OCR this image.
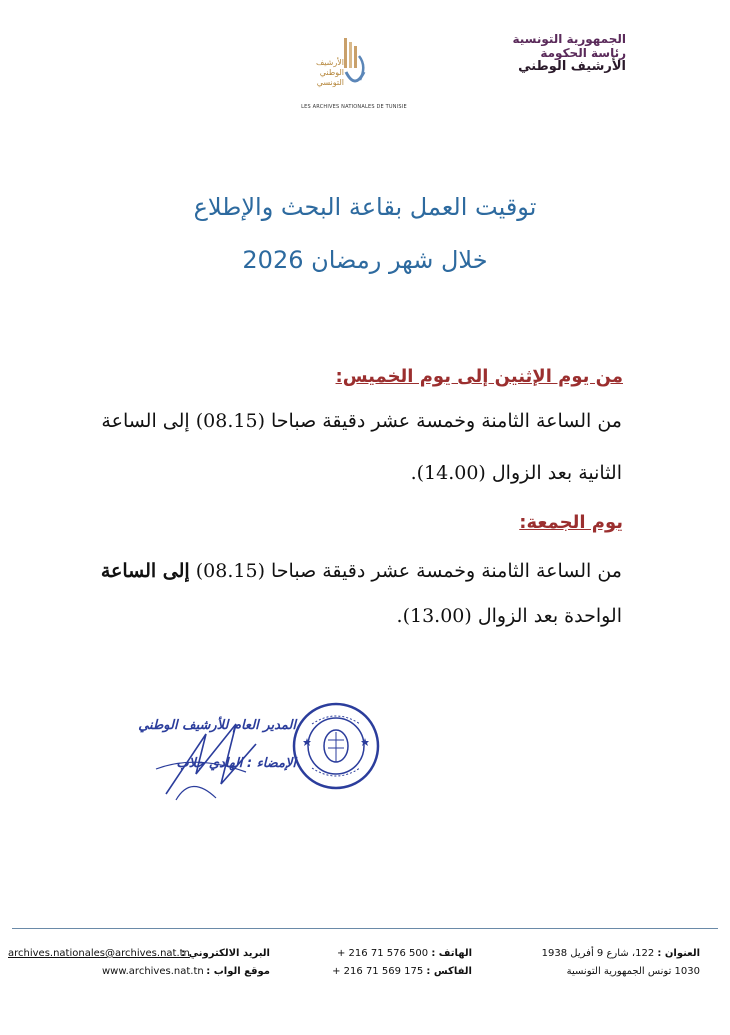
الجمهورية التونسية
رئاسة الحكومة
الأرشيف الوطني
الأرشيف الوطني التونسي
LES ARCHIVES NATIONALES DE TUNISIE
توقيت العمل بقاعة البحث والإطلاع
خلال شهر رمضان 2026
من يوم الإثنين إلى يوم الخميس:
من الساعة الثامنة وخمسة عشر دقيقة صباحا (08.15) إلى الساعة
الثانية بعد الزوال (14.00).
يوم الجمعة:
من الساعة الثامنة وخمسة عشر دقيقة صباحا (08.15) إلى الساعة
الواحدة بعد الزوال (13.00).
المدير العام للأرشيف الوطني
الإمضاء : الهادي جلاب
العنوان : 122، شارع 9 أفريل 1938
1030 تونس الجمهورية التونسية
الهاتف : 500 576 71 216 +
الفاكس : 175 569 71 216 +
البريد الالكتروني :
archives.nationales@archives.nat.tn
موقع الواب :
www.archives.nat.tn
